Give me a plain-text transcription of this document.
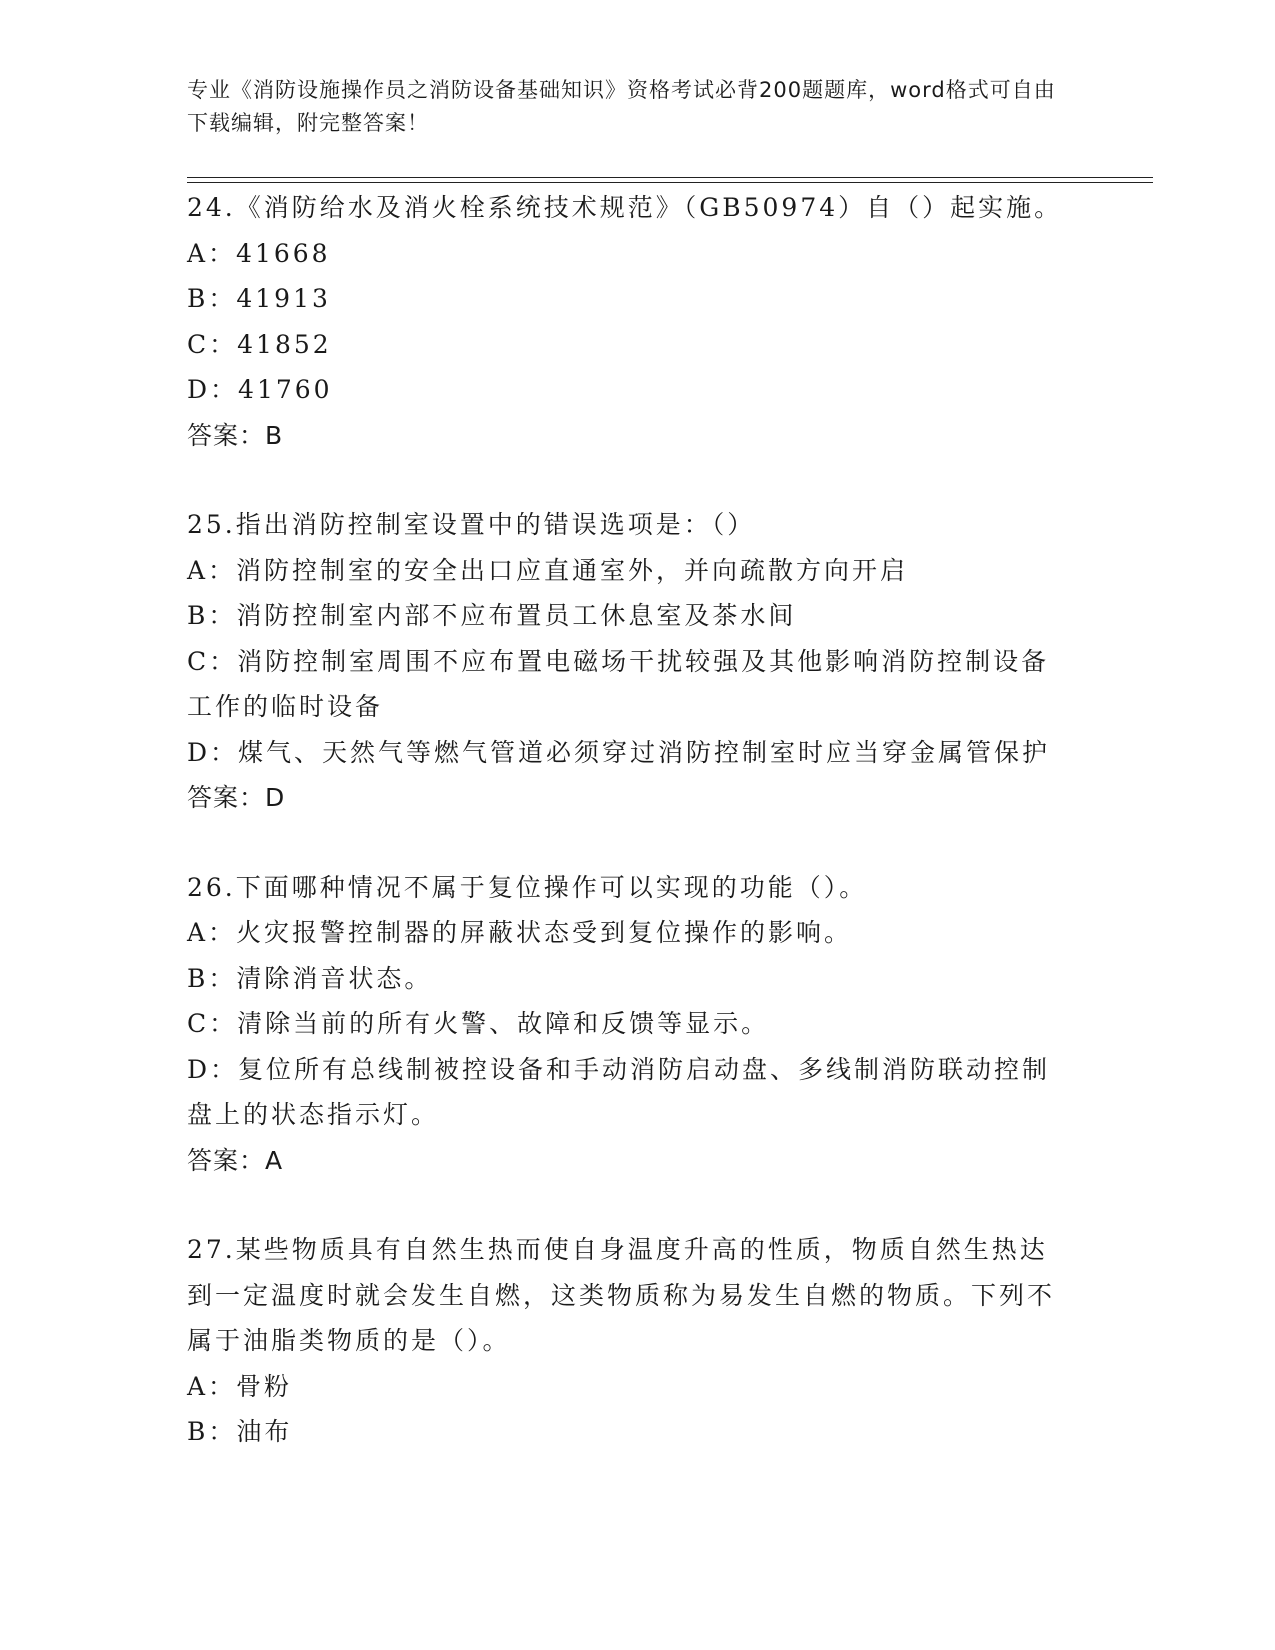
专业《消防设施操作员之消防设备基础知识》资格考试必背200题题库，word格式可自由下载编辑，附完整答案！
24.《消防给水及消火栓系统技术规范》（GB50974）自（）起实施。
A：41668
B：41913
C：41852
D：41760
答案：B
25.指出消防控制室设置中的错误选项是：（）
A：消防控制室的安全出口应直通室外，并向疏散方向开启
B：消防控制室内部不应布置员工休息室及茶水间
C：消防控制室周围不应布置电磁场干扰较强及其他影响消防控制设备工作的临时设备
D：煤气、天然气等燃气管道必须穿过消防控制室时应当穿金属管保护
答案：D
26.下面哪种情况不属于复位操作可以实现的功能（）。
A：火灾报警控制器的屏蔽状态受到复位操作的影响。
B：清除消音状态。
C：清除当前的所有火警、故障和反馈等显示。
D：复位所有总线制被控设备和手动消防启动盘、多线制消防联动控制盘上的状态指示灯。
答案：A
27.某些物质具有自然生热而使自身温度升高的性质，物质自然生热达到一定温度时就会发生自燃，这类物质称为易发生自燃的物质。下列不属于油脂类物质的是（）。
A：骨粉
B：油布
